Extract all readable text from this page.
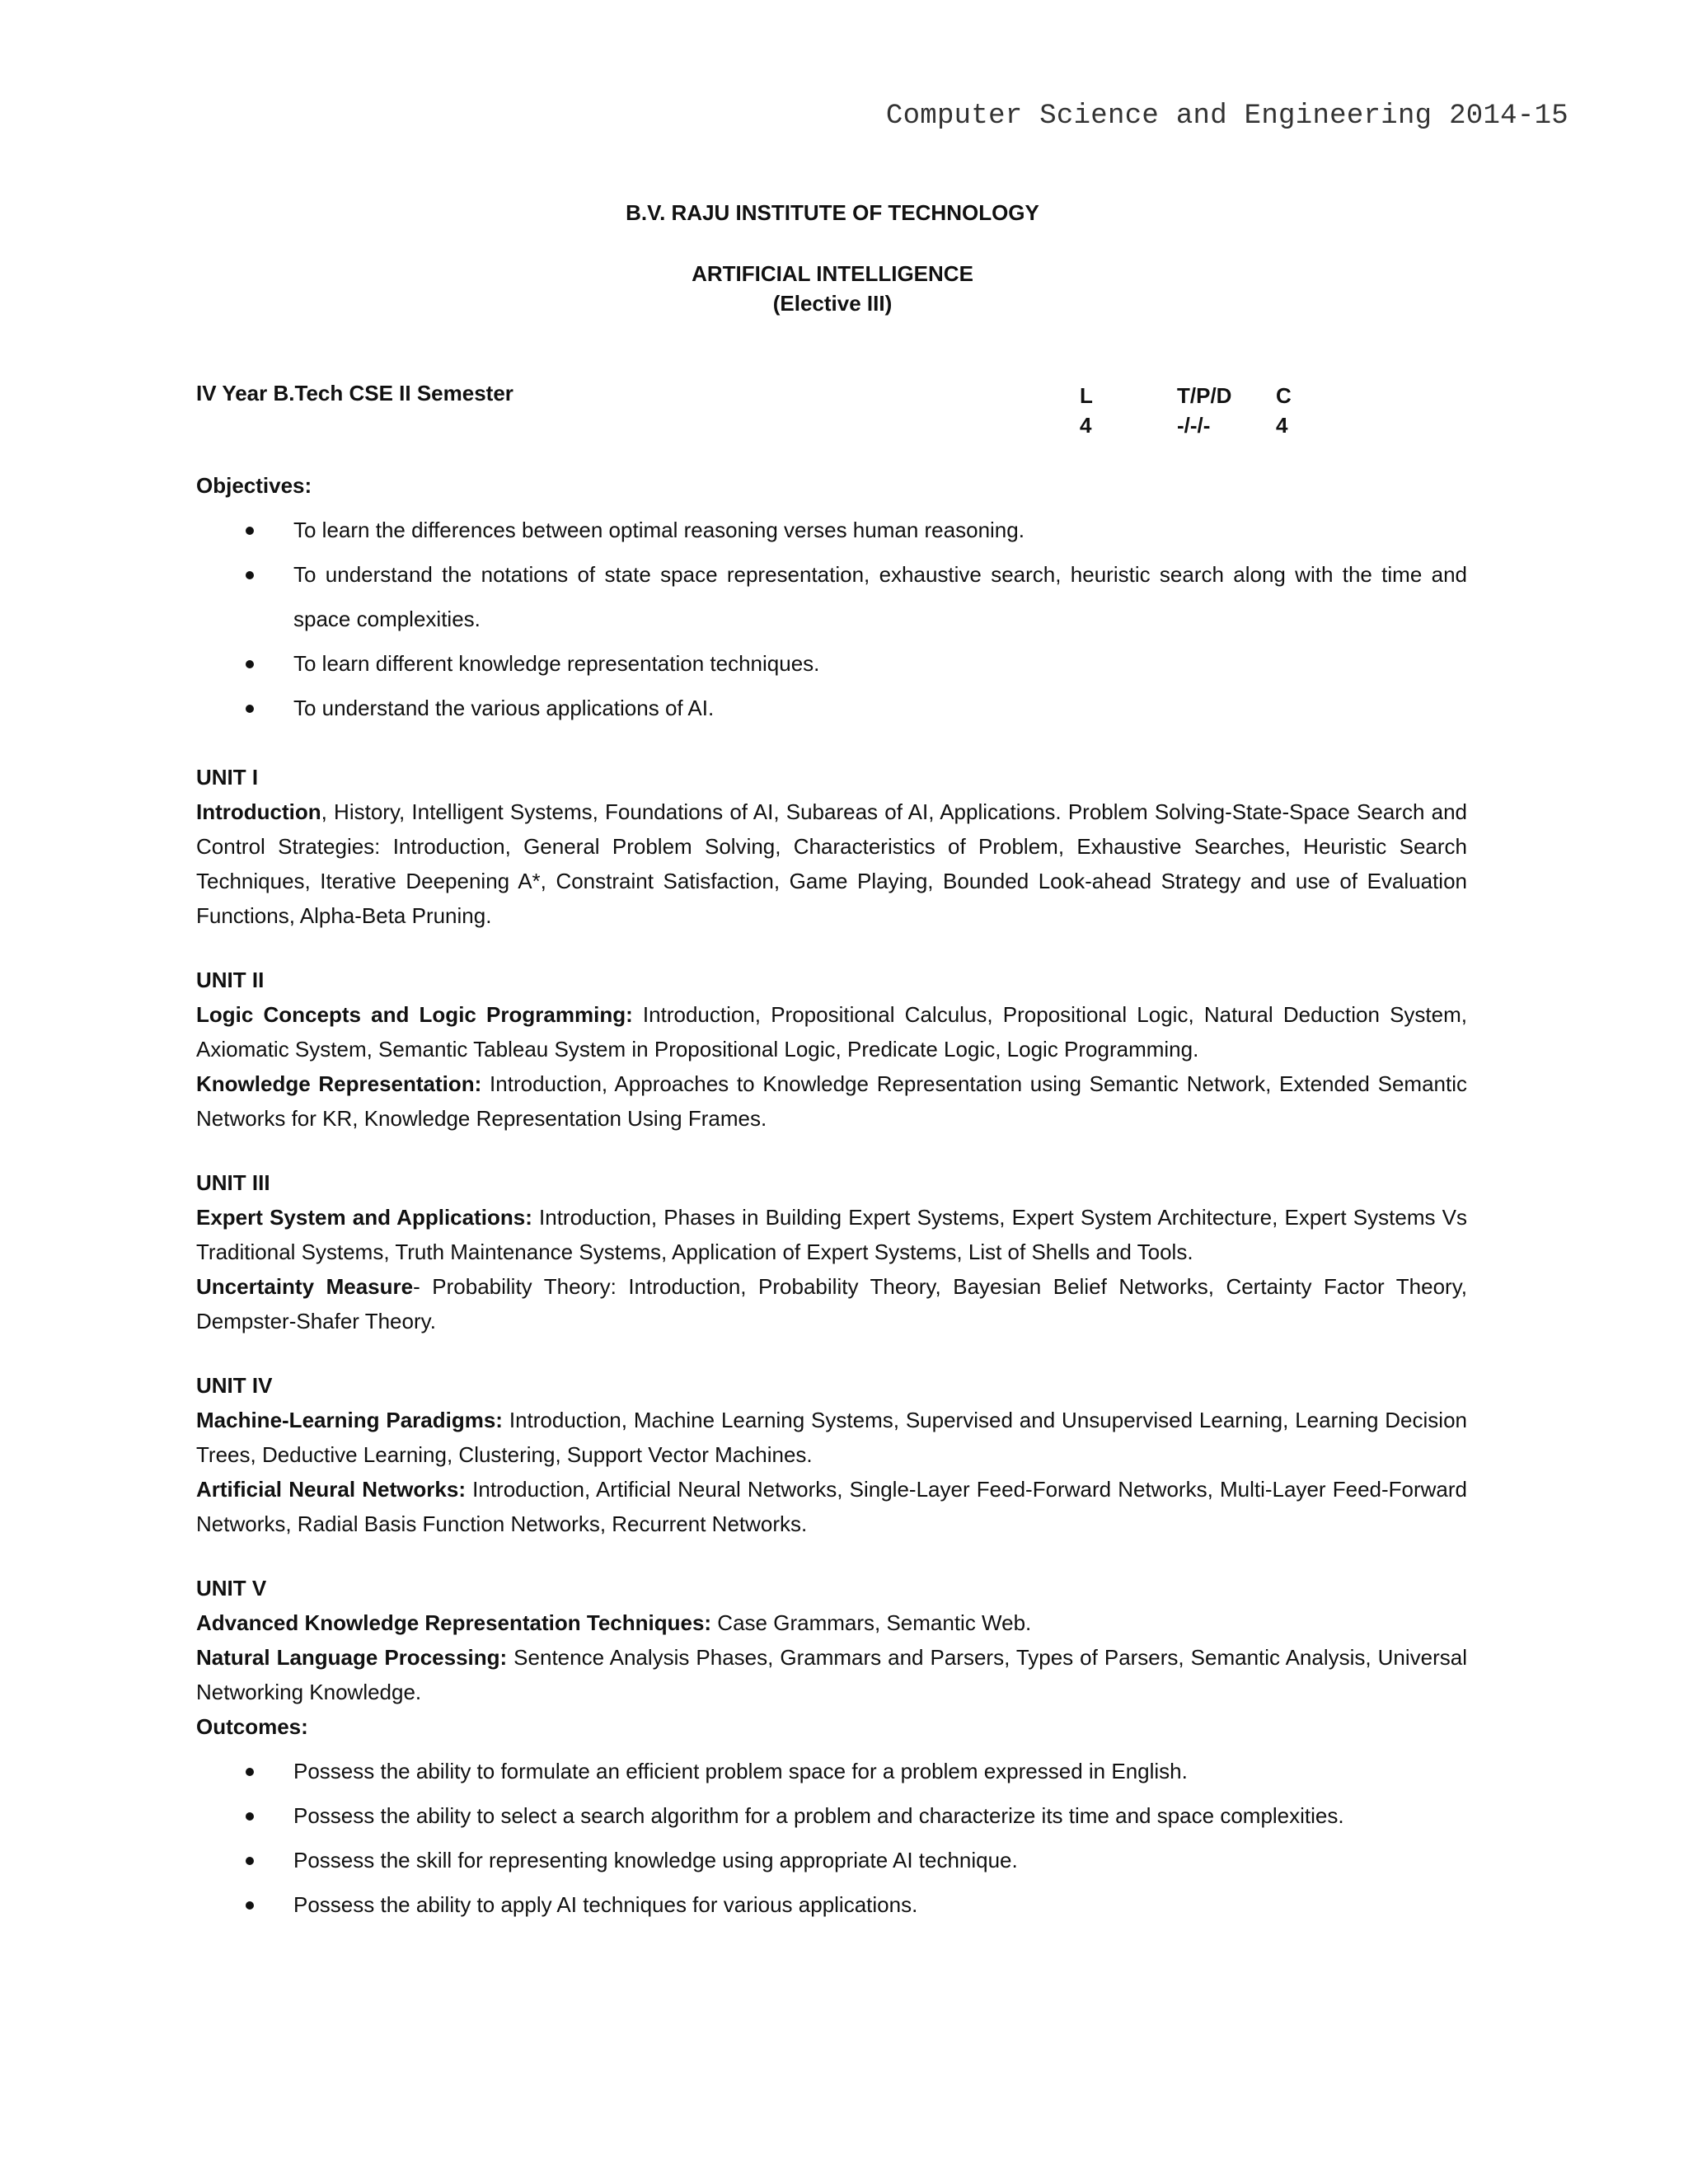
Computer Science and Engineering 2014-15
B.V. RAJU INSTITUTE OF TECHNOLOGY
ARTIFICIAL INTELLIGENCE
(Elective III)
IV Year B.Tech CSE II Semester	L
4
T/P/D
-/-/-
C
4
Objectives:
To learn the differences between optimal reasoning verses human reasoning.
To understand the notations of state space representation, exhaustive search, heuristic search along with the time and space complexities.
To learn different knowledge representation techniques.
To understand the various applications of AI.
UNIT I
Introduction, History, Intelligent Systems, Foundations of AI, Subareas of AI, Applications. Problem Solving-State-Space Search and Control Strategies: Introduction, General Problem Solving, Characteristics of Problem, Exhaustive Searches, Heuristic Search Techniques, Iterative Deepening A*, Constraint Satisfaction, Game Playing, Bounded Look-ahead Strategy and use of Evaluation Functions, Alpha-Beta Pruning.
UNIT II
Logic Concepts and Logic Programming: Introduction, Propositional Calculus, Propositional Logic, Natural Deduction System, Axiomatic System, Semantic Tableau System in Propositional Logic, Predicate Logic, Logic Programming.
Knowledge Representation: Introduction, Approaches to Knowledge Representation using Semantic Network, Extended Semantic Networks for KR, Knowledge Representation Using Frames.
UNIT III
Expert System and Applications: Introduction, Phases in Building Expert Systems, Expert System Architecture, Expert Systems Vs Traditional Systems, Truth Maintenance Systems, Application of Expert Systems, List of Shells and Tools.
Uncertainty Measure- Probability Theory: Introduction, Probability Theory, Bayesian Belief Networks, Certainty Factor Theory, Dempster-Shafer Theory.
UNIT IV
Machine-Learning Paradigms: Introduction, Machine Learning Systems, Supervised and Unsupervised Learning, Learning Decision Trees, Deductive Learning, Clustering, Support Vector Machines.
Artificial Neural Networks: Introduction, Artificial Neural Networks, Single-Layer Feed-Forward Networks, Multi-Layer Feed-Forward Networks, Radial Basis Function Networks, Recurrent Networks.
UNIT V
Advanced Knowledge Representation Techniques: Case Grammars, Semantic Web.
Natural Language Processing: Sentence Analysis Phases, Grammars and Parsers, Types of Parsers, Semantic Analysis, Universal Networking Knowledge.
Outcomes:
Possess the ability to formulate an efficient problem space for a problem expressed in English.
Possess the ability to select a search algorithm for a problem and characterize its time and space complexities.
Possess the skill for representing knowledge using appropriate AI technique.
Possess the ability to apply AI techniques for various applications.
